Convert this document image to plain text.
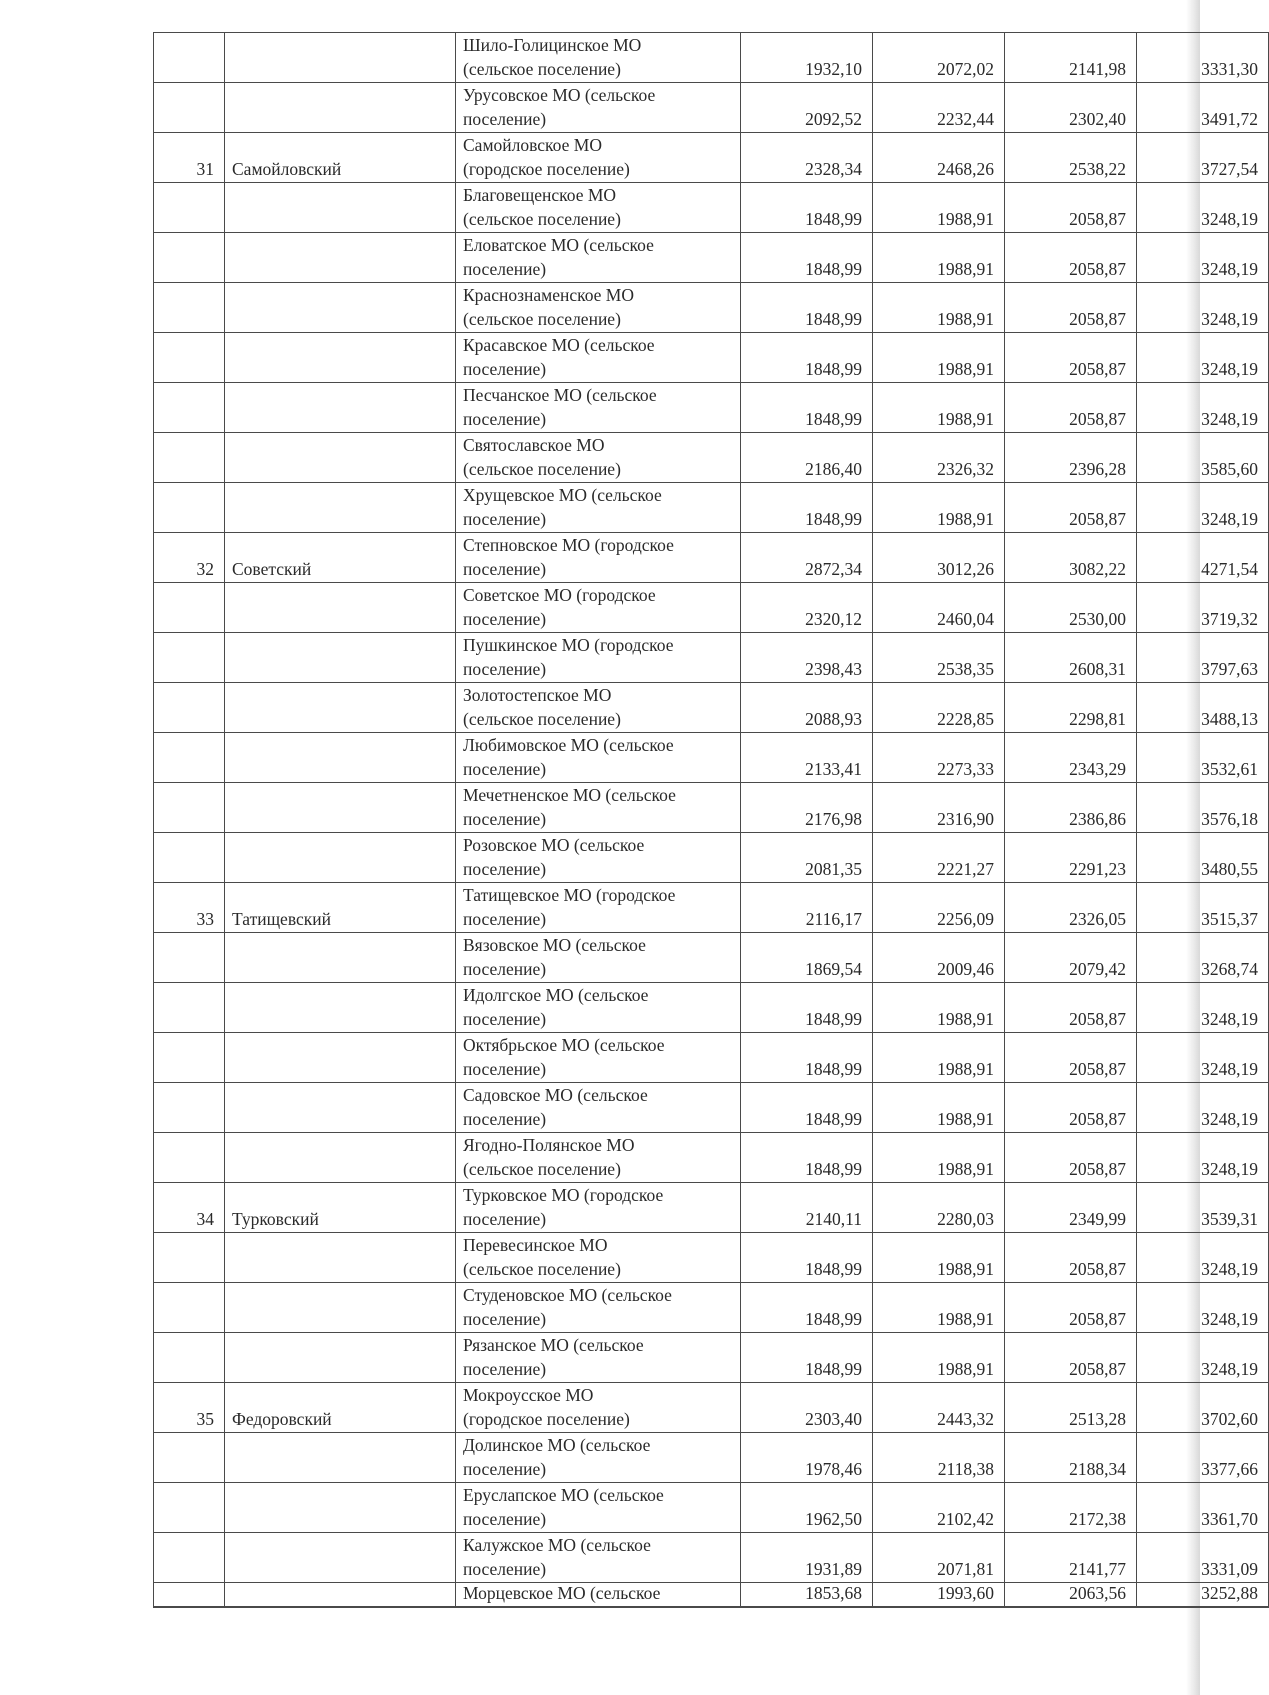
		Шило-Голицинское МО
(сельское поселение)	1932,10	2072,02	2141,98	3331,30

		Урусовское МО (сельское
поселение)	2092,52	2232,44	2302,40	3491,72
31	Самойловский	Самойловское МО
(городское поселение)	2328,34	2468,26	2538,22	3727,54

		Благовещенское МО
(сельское поселение)	1848,99	1988,91	2058,87	3248,19

		Еловатское МО (сельское
поселение)	1848,99	1988,91	2058,87	3248,19

		Краснознаменское МО
(сельское поселение)	1848,99	1988,91	2058,87	3248,19

		Красавское МО (сельское
поселение)	1848,99	1988,91	2058,87	3248,19

		Песчанское МО (сельское
поселение)	1848,99	1988,91	2058,87	3248,19

		Святославское МО
(сельское поселение)	2186,40	2326,32	2396,28	3585,60

		Хрущевское МО (сельское
поселение)	1848,99	1988,91	2058,87	3248,19
32	Советский	Степновское МО (городское
поселение)	2872,34	3012,26	3082,22	4271,54

		Советское МО (городское
поселение)	2320,12	2460,04	2530,00	3719,32

		Пушкинское МО (городское
поселение)	2398,43	2538,35	2608,31	3797,63

		Золотостепское МО
(сельское поселение)	2088,93	2228,85	2298,81	3488,13

		Любимовское МО (сельское
поселение)	2133,41	2273,33	2343,29	3532,61

		Мечетненское МО (сельское
поселение)	2176,98	2316,90	2386,86	3576,18

		Розовское МО (сельское
поселение)	2081,35	2221,27	2291,23	3480,55
33	Татищевский	Татищевское МО (городское
поселение)	2116,17	2256,09	2326,05	3515,37

		Вязовское МО (сельское
поселение)	1869,54	2009,46	2079,42	3268,74

		Идолгское МО (сельское
поселение)	1848,99	1988,91	2058,87	3248,19

		Октябрьское МО (сельское
поселение)	1848,99	1988,91	2058,87	3248,19

		Садовское МО (сельское
поселение)	1848,99	1988,91	2058,87	3248,19

		Ягодно-Полянское МО
(сельское поселение)	1848,99	1988,91	2058,87	3248,19
34	Турковский	Турковское МО (городское
поселение)	2140,11	2280,03	2349,99	3539,31

		Перевесинское МО
(сельское поселение)	1848,99	1988,91	2058,87	3248,19

		Студеновское МО (сельское
поселение)	1848,99	1988,91	2058,87	3248,19

		Рязанское МО (сельское
поселение)	1848,99	1988,91	2058,87	3248,19
35	Федоровский	Мокроусское МО
(городское поселение)	2303,40	2443,32	2513,28	3702,60

		Долинское МО (сельское
поселение)	1978,46	2118,38	2188,34	3377,66

		Еруслапское МО (сельское
поселение)	1962,50	2102,42	2172,38	3361,70

		Калужское МО (сельское
поселение)	1931,89	2071,81	2141,77	3331,09

		Морцевское МО (сельское	1853,68	1993,60	2063,56	3252,88
